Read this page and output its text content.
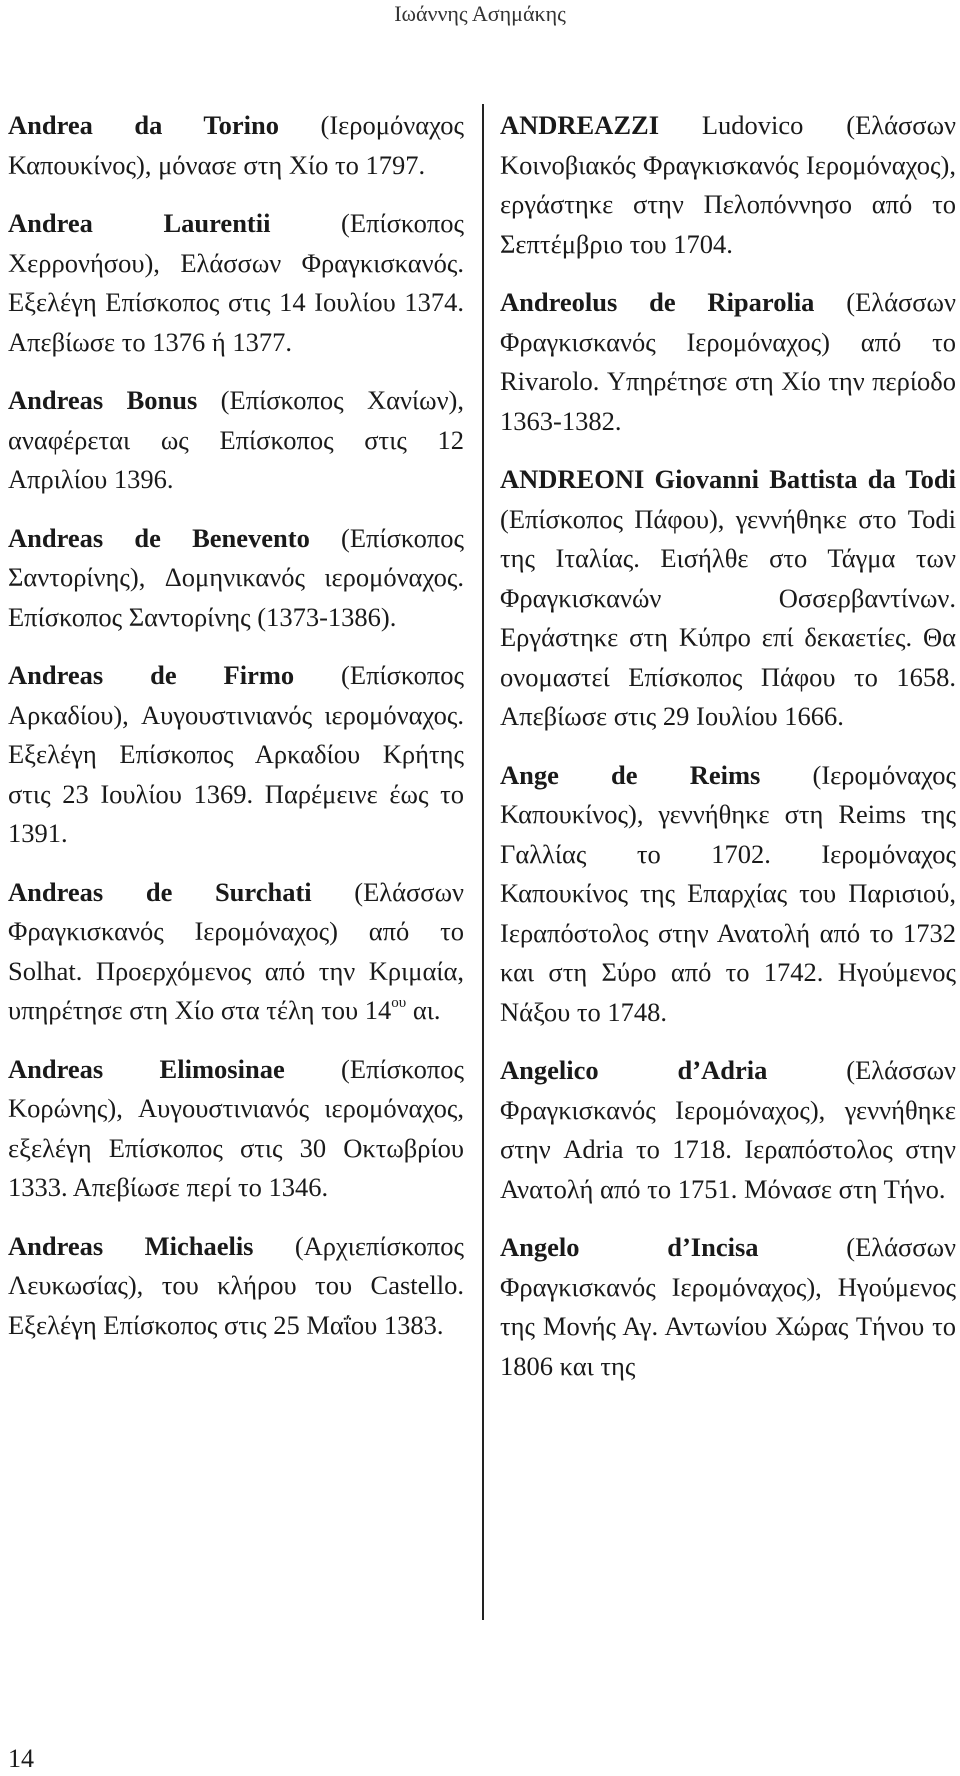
Ιωάννης Ασημάκης

Andrea da Torino (Ιερομόναχος Καπουκίνος), μόνασε στη Χίο το 1797.

Andrea Laurentii (Επίσκοπος Χερρονήσου), Ελάσσων Φραγκισκανός. Εξελέγη Επίσκοπος στις 14 Ιουλίου 1374. Απεβίωσε το 1376 ή 1377.

Andreas Bonus (Επίσκοπος Χανίων), αναφέρεται ως Επίσκοπος στις 12 Απριλίου 1396.

Andreas de Benevento (Επίσκοπος Σαντορίνης), Δομηνικανός ιερομόναχος. Επίσκοπος Σαντορίνης (1373-1386).

Andreas de Firmo (Επίσκοπος Αρκαδίου), Αυγουστινιανός ιερομόναχος. Εξελέγη Επίσκοπος Αρκαδίου Κρήτης στις 23 Ιουλίου 1369. Παρέμεινε έως το 1391.

Andreas de Surchati (Ελάσσων Φραγκισκανός Ιερομόναχος) από το Solhat. Προερχόμενος από την Κριμαία, υπηρέτησε στη Χίο στα τέλη του $14^{o\upsilon}$ αι.

Andreas Elimosinae (Επίσκοπος Κορώνης), Αυγουστινιανός ιερομόναχος, εξελέγη Επίσκοπος στις 30 Οκτωβρίου 1333. Απεβίωσε περί το 1346.

Andreas Michaelis (Αρχιεπίσκοπος Λευκωσίας), του κλήρου του Castello. Εξελέγη Επίσκοπος στις 25 Μαΐου 1383.

ANDREAZZI Ludovico (Ελάσσων Κοινοβιακός Φραγκισκανός Ιερομόναχος), εργάστηκε στην Πελοπόννησο από το Σεπτέμβριο του 1704.

Andreolus de Riparolia (Ελάσσων Φραγκισκανός Ιερομόναχος) από το Rivarolo. Υπηρέτησε στη Χίο την περίοδο 1363-1382.

ANDREONI Giovanni Battista da Todi (Επίσκοπος Πάφου), γεννήθηκε στο Todi της Ιταλίας. Εισήλθε στο Τάγμα των Φραγκισκανών Οσσερβαντίνων. Εργάστηκε στη Κύπρο επί δεκαετίες. Θα ονομαστεί Επίσκοπος Πάφου το 1658. Απεβίωσε στις 29 Ιουλίου 1666.

Ange de Reims (Ιερομόναχος Καπουκίνος), γεννήθηκε στη Reims της Γαλλίας το 1702. Ιερομόναχος Καπουκίνος της Επαρχίας του Παρισιού, Ιεραπόστολος στην Ανατολή από το 1732 και στη Σύρο από το 1742. Ηγούμενος Νάξου το 1748.

Angelico d’Adria (Ελάσσων Φραγκισκανός Ιερομόναχος), γεννήθηκε στην Adria το 1718. Ιεραπόστολος στην Ανατολή από το 1751. Μόνασε στη Τήνο.

Angelo d’Incisa (Ελάσσων Φραγκισκανός Ιερομόναχος), Ηγούμενος της Μονής Αγ. Αντωνίου Χώρας Τήνου το 1806 και της

14
